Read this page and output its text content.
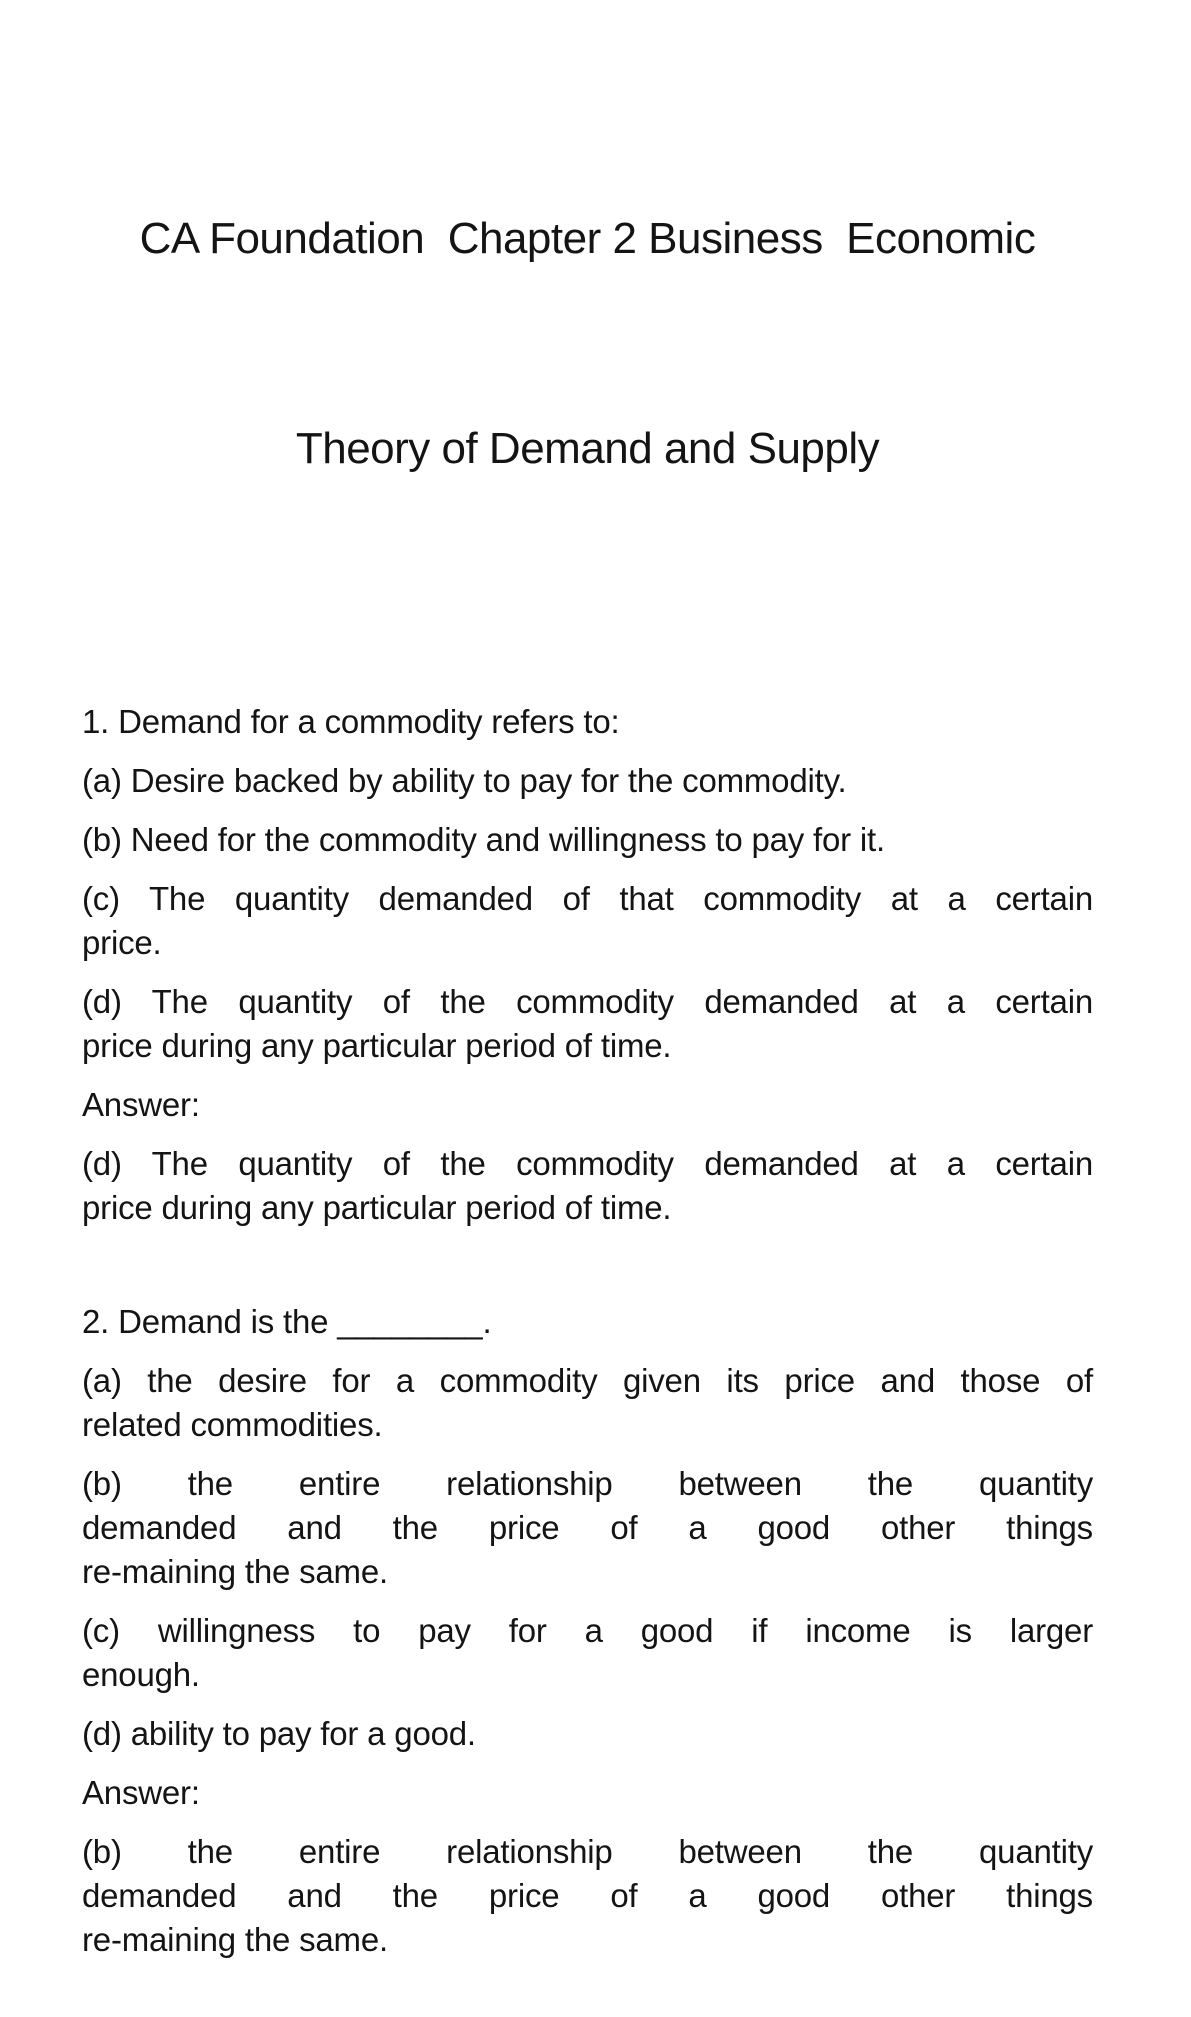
CA Foundation  Chapter 2 Business  Economic

Theory of Demand and Supply

1. Demand for a commodity refers to:

(a) Desire backed by ability to pay for the commodity.

(b) Need for the commodity and willingness to pay for it.

(c) The quantity demanded of that commodity at a certain
price.

(d) The quantity of the commodity demanded at a certain
price during any particular period of time.

Answer:

(d) The quantity of the commodity demanded at a certain
price during any particular period of time.

2. Demand is the ________.

(a) the desire for a commodity given its price and those of
related commodities.

(b) the entire relationship between the quantity
demanded and the price of a good other things
re-maining the same.

(c) willingness to pay for a good if income is larger
enough.

(d) ability to pay for a good.

Answer:

(b) the entire relationship between the quantity
demanded and the price of a good other things
re-maining the same.
